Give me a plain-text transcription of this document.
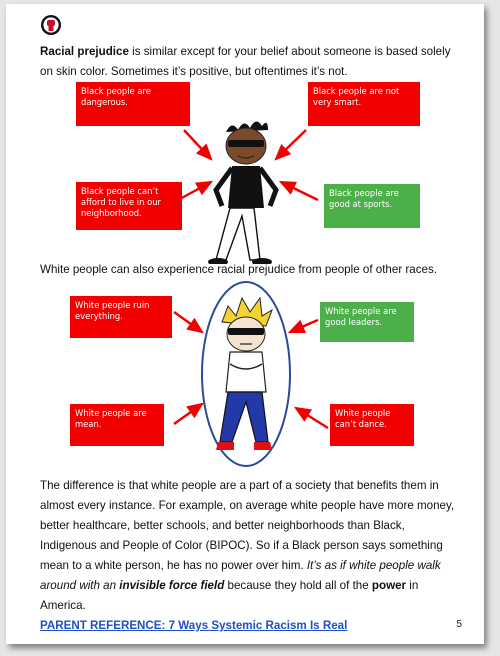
Racial prejudice is similar except for your belief about someone is based solely on skin color. Sometimes it’s positive, but oftentimes it’s not.

Black people are dangerous.
Black people are not very smart.
Black people can’t afford to live in our neighborhood.
Black people are good at sports.

White people can also experience racial prejudice from people of other races.

White people ruin everything.	White people are good leaders.
White people are mean.
White people can’t dance.

The difference is that white people are a part of a society that benefits them in almost every instance. For example, on average white people have more money, better healthcare, better schools, and better neighborhoods than Black, Indigenous and People of Color (BIPOC). So if a Black person says something mean to a white person, he has no power over him. It’s as if white people walk around with an invisible force field because they hold all of the power in America.
PARENT REFERENCE: 7 Ways Systemic Racism Is Real	5
